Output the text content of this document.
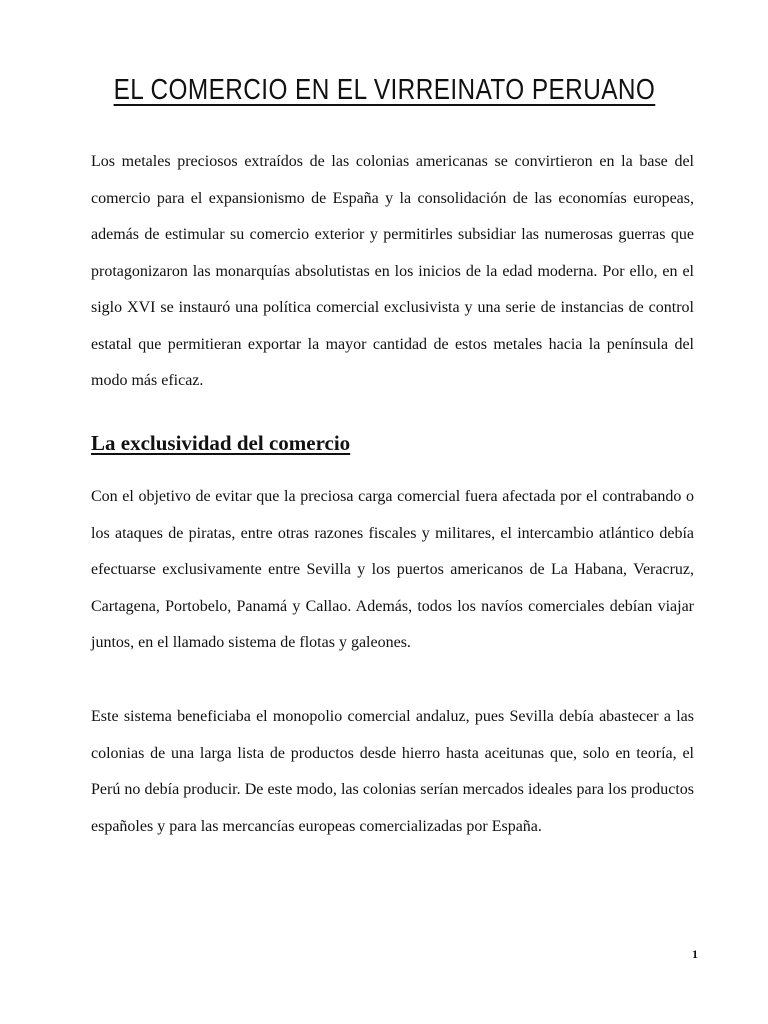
EL COMERCIO EN EL VIRREINATO PERUANO

Los metales preciosos extraídos de las colonias americanas se convirtieron en la base del comercio para el expansionismo de España y la consolidación de las economías europeas, además de estimular su comercio exterior y permitirles subsidiar las numerosas guerras que protagonizaron las monarquías absolutistas en los inicios de la edad moderna. Por ello, en el siglo XVI se instauró una política comercial exclusivista y una serie de instancias de control estatal que permitieran exportar la mayor cantidad de estos metales hacia la península del modo más eficaz.

La exclusividad del comercio

Con el objetivo de evitar que la preciosa carga comercial fuera afectada por el contrabando o los ataques de piratas, entre otras razones fiscales y militares, el intercambio atlántico debía efectuarse exclusivamente entre Sevilla y los puertos americanos de La Habana, Veracruz, Cartagena, Portobelo, Panamá y Callao. Además, todos los navíos comerciales debían viajar juntos, en el llamado sistema de flotas y galeones.

Este sistema beneficiaba el monopolio comercial andaluz, pues Sevilla debía abastecer a las colonias de una larga lista de productos desde hierro hasta aceitunas que, solo en teoría, el Perú no debía producir. De este modo, las colonias serían mercados ideales para los productos españoles y para las mercancías europeas comercializadas por España.

1
